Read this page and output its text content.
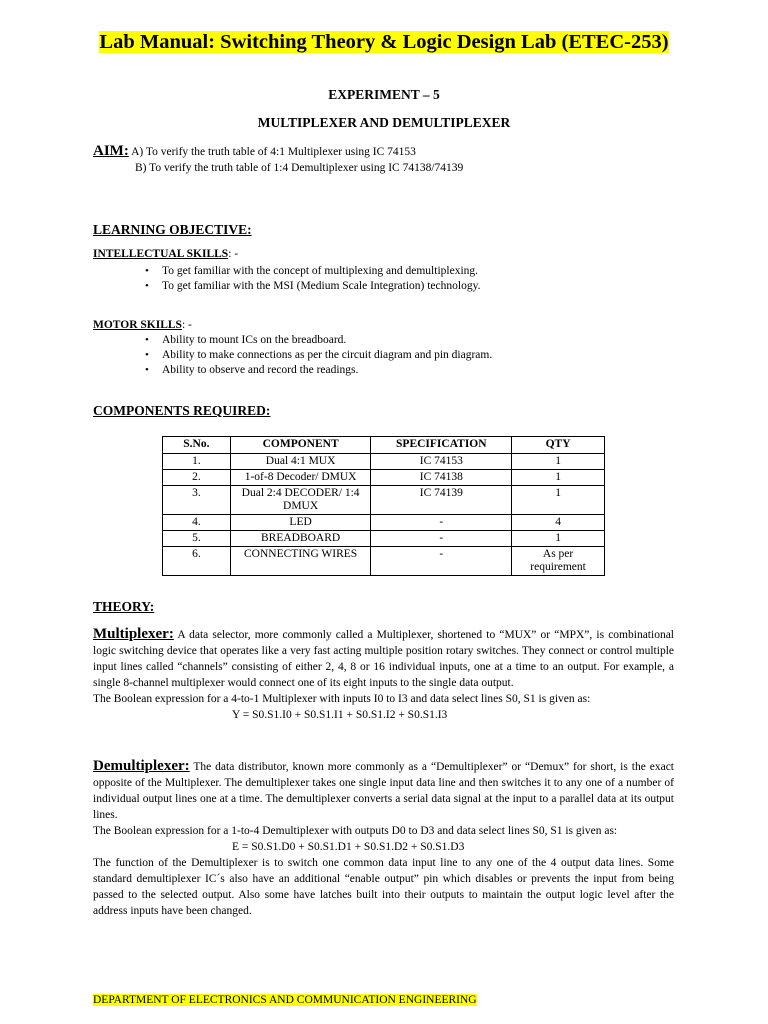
Lab Manual: Switching Theory & Logic Design Lab (ETEC-253)
EXPERIMENT – 5
MULTIPLEXER AND DEMULTIPLEXER
AIM: A) To verify the truth table of 4:1 Multiplexer using IC 74153
B) To verify the truth table of 1:4 Demultiplexer using IC 74138/74139
LEARNING OBJECTIVE:
INTELLECTUAL SKILLS: -
• To get familiar with the concept of multiplexing and demultiplexing.
• To get familiar with the MSI (Medium Scale Integration) technology.
MOTOR SKILLS: -
• Ability to mount ICs on the breadboard.
• Ability to make connections as per the circuit diagram and pin diagram.
• Ability to observe and record the readings.
COMPONENTS REQUIRED:
S.No.	COMPONENT	SPECIFICATION	QTY
1.	Dual 4:1 MUX	IC 74153	1
2.	1-of-8 Decoder/ DMUX	IC 74138	1
3.	Dual 2:4 DECODER/ 1:4 DMUX	IC 74139	1
4.	LED	-	4
5.	BREADBOARD	-	1
6.	CONNECTING WIRES	-	As per requirement
THEORY:
Multiplexer: A data selector, more commonly called a Multiplexer, shortened to “MUX” or “MPX”, is combinational logic switching device that operates like a very fast acting multiple position rotary switches. They connect or control multiple input lines called “channels” consisting of either 2, 4, 8 or 16 individual inputs, one at a time to an output. For example, a single 8-channel multiplexer would connect one of its eight inputs to the single data output.
The Boolean expression for a 4-to-1 Multiplexer with inputs I0 to I3 and data select lines S0, S1 is given as:
Y = S0.S1.I0 + S0.S1.I1 + S0.S1.I2 + S0.S1.I3
Demultiplexer: The data distributor, known more commonly as a “Demultiplexer” or “Demux” for short, is the exact opposite of the Multiplexer. The demultiplexer takes one single input data line and then switches it to any one of a number of individual output lines one at a time. The demultiplexer converts a serial data signal at the input to a parallel data at its output lines.
The Boolean expression for a 1-to-4 Demultiplexer with outputs D0 to D3 and data select lines S0, S1 is given as:
E = S0.S1.D0 + S0.S1.D1 + S0.S1.D2 + S0.S1.D3
The function of the Demultiplexer is to switch one common data input line to any one of the 4 output data lines. Some standard demultiplexer IC´s also have an additional “enable output” pin which disables or prevents the input from being passed to the selected output. Also some have latches built into their outputs to maintain the output logic level after the address inputs have been changed.
DEPARTMENT OF ELECTRONICS AND COMMUNICATION ENGINEERING
